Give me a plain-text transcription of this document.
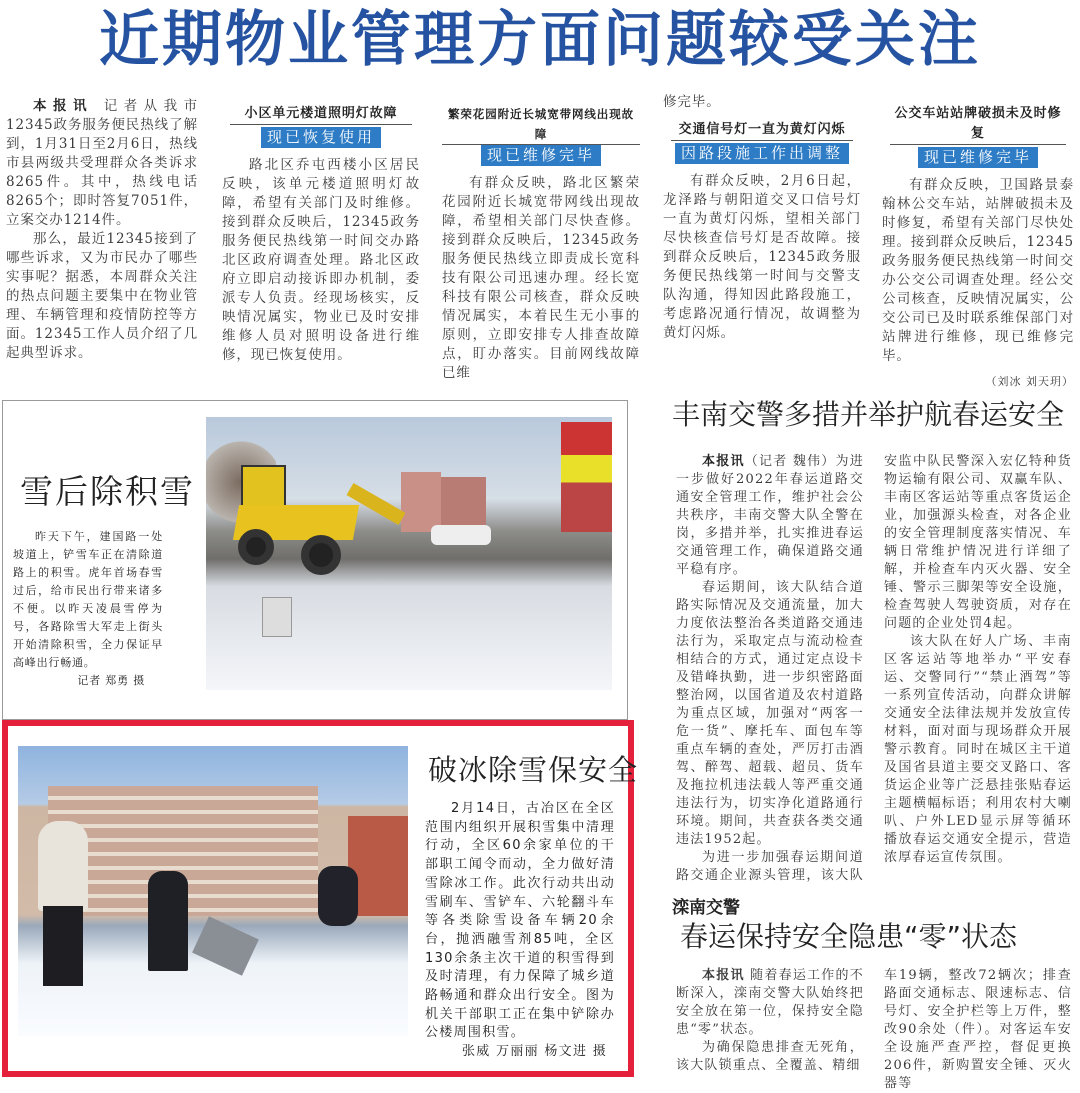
近期物业管理方面问题较受关注

本报讯 记者从我市12345政务服务便民热线了解到，1月31日至2月6日，热线市县两级共受理群众各类诉求8265件。其中，热线电话8265个；即时答复7051件，立案交办1214件。

那么，最近12345接到了哪些诉求，又为市民办了哪些实事呢？据悉，本周群众关注的热点问题主要集中在物业管理、车辆管理和疫情防控等方面。12345工作人员介绍了几起典型诉求。

小区单元楼道照明灯故障
现已恢复使用

路北区乔屯西楼小区居民反映，该单元楼道照明灯故障，希望有关部门及时维修。接到群众反映后，12345政务服务便民热线第一时间交办路北区政府调查处理。路北区政府立即启动接诉即办机制，委派专人负责。经现场核实，反映情况属实，物业已及时安排维修人员对照明设备进行维修，现已恢复使用。

繁荣花园附近长城宽带网线出现故障
现已维修完毕

有群众反映，路北区繁荣花园附近长城宽带网线出现故障，希望相关部门尽快查修。接到群众反映后，12345政务服务便民热线立即责成长宽科技有限公司迅速办理。经长宽科技有限公司核查，群众反映情况属实，本着民生无小事的原则，立即安排专人排查故障点，盯办落实。目前网线故障已维

修完毕。

交通信号灯一直为黄灯闪烁
因路段施工作出调整

有群众反映，2月6日起，龙泽路与朝阳道交叉口信号灯一直为黄灯闪烁，望相关部门尽快核查信号灯是否故障。接到群众反映后，12345政务服务便民热线第一时间与交警支队沟通，得知因此路段施工，考虑路况通行情况，故调整为黄灯闪烁。

公交车站站牌破损未及时修复
现已维修完毕

有群众反映，卫国路景泰翰林公交车站，站牌破损未及时修复，希望有关部门尽快处理。接到群众反映后，12345政务服务便民热线第一时间交办公交公司调查处理。经公交公司核查，反映情况属实，公交公司已及时联系维保部门对站牌进行维修，现已维修完毕。

（刘冰 刘天玥）
雪后除积雪

昨天下午，建国路一处坡道上，铲雪车正在清除道路上的积雪。虎年首场春雪过后，给市民出行带来诸多不便。以昨天凌晨雪停为号，各路除雪大军走上街头开始清除积雪，全力保证早高峰出行畅通。

记者 郑勇 摄
破冰除雪保安全

2月14日，古冶区在全区范围内组织开展积雪集中清理行动，全区60余家单位的干部职工闻令而动，全力做好清雪除冰工作。此次行动共出动雪刷车、雪铲车、六轮翻斗车等各类除雪设备车辆20余台，抛洒融雪剂85吨，全区130余条主次干道的积雪得到及时清理，有力保障了城乡道路畅通和群众出行安全。图为机关干部职工正在集中铲除办公楼周围积雪。

张威 万丽丽 杨文进 摄
丰南交警多措并举护航春运安全

本报讯（记者 魏伟）为进一步做好2022年春运道路交通安全管理工作，维护社会公共秩序，丰南交警大队全警在岗，多措并举，扎实推进春运交通管理工作，确保道路交通平稳有序。

春运期间，该大队结合道路实际情况及交通流量，加大力度依法整治各类道路交通违法行为，采取定点与流动检查相结合的方式，通过定点设卡及错峰执勤，进一步织密路面整治网，以国省道及农村道路为重点区域，加强对“两客一危一货”、摩托车、面包车等重点车辆的查处，严厉打击酒驾、醉驾、超载、超员、货车及拖拉机违法载人等严重交通违法行为，切实净化道路通行环境。期间，共查获各类交通违法1952起。

为进一步加强春运期间道路交通企业源头管理，该大队安监中队民警深入宏亿特种货物运输有限公司、双赢车队、丰南区客运站等重点客货运企业，加强源头检查，对各企业的安全管理制度落实情况、车辆日常维护情况进行详细了解，并检查车内灭火器、安全锤、警示三脚架等安全设施，检查驾驶人驾驶资质，对存在问题的企业处罚4起。

该大队在好人广场、丰南区客运站等地举办“平安春运、交警同行”“禁止酒驾”等一系列宣传活动，向群众讲解交通安全法律法规并发放宣传材料，面对面与现场群众开展警示教育。同时在城区主干道及国省县道主要交叉路口、客货运企业等广泛悬挂张贴春运主题横幅标语；利用农村大喇叭、户外LED显示屏等循环播放春运交通安全提示，营造浓厚春运宣传氛围。

滦南交警
春运保持安全隐患“零”状态

本报讯 随着春运工作的不断深入，滦南交警大队始终把安全放在第一位，保持安全隐患“零”状态。

为确保隐患排查无死角，该大队锁重点、全覆盖、精细

车19辆，整改72辆次；排查路面交通标志、限速标志、信号灯、安全护栏等上万件，整改90余处（件）。对客运车安全设施严查严控，督促更换206件，新购置安全锤、灭火器等
